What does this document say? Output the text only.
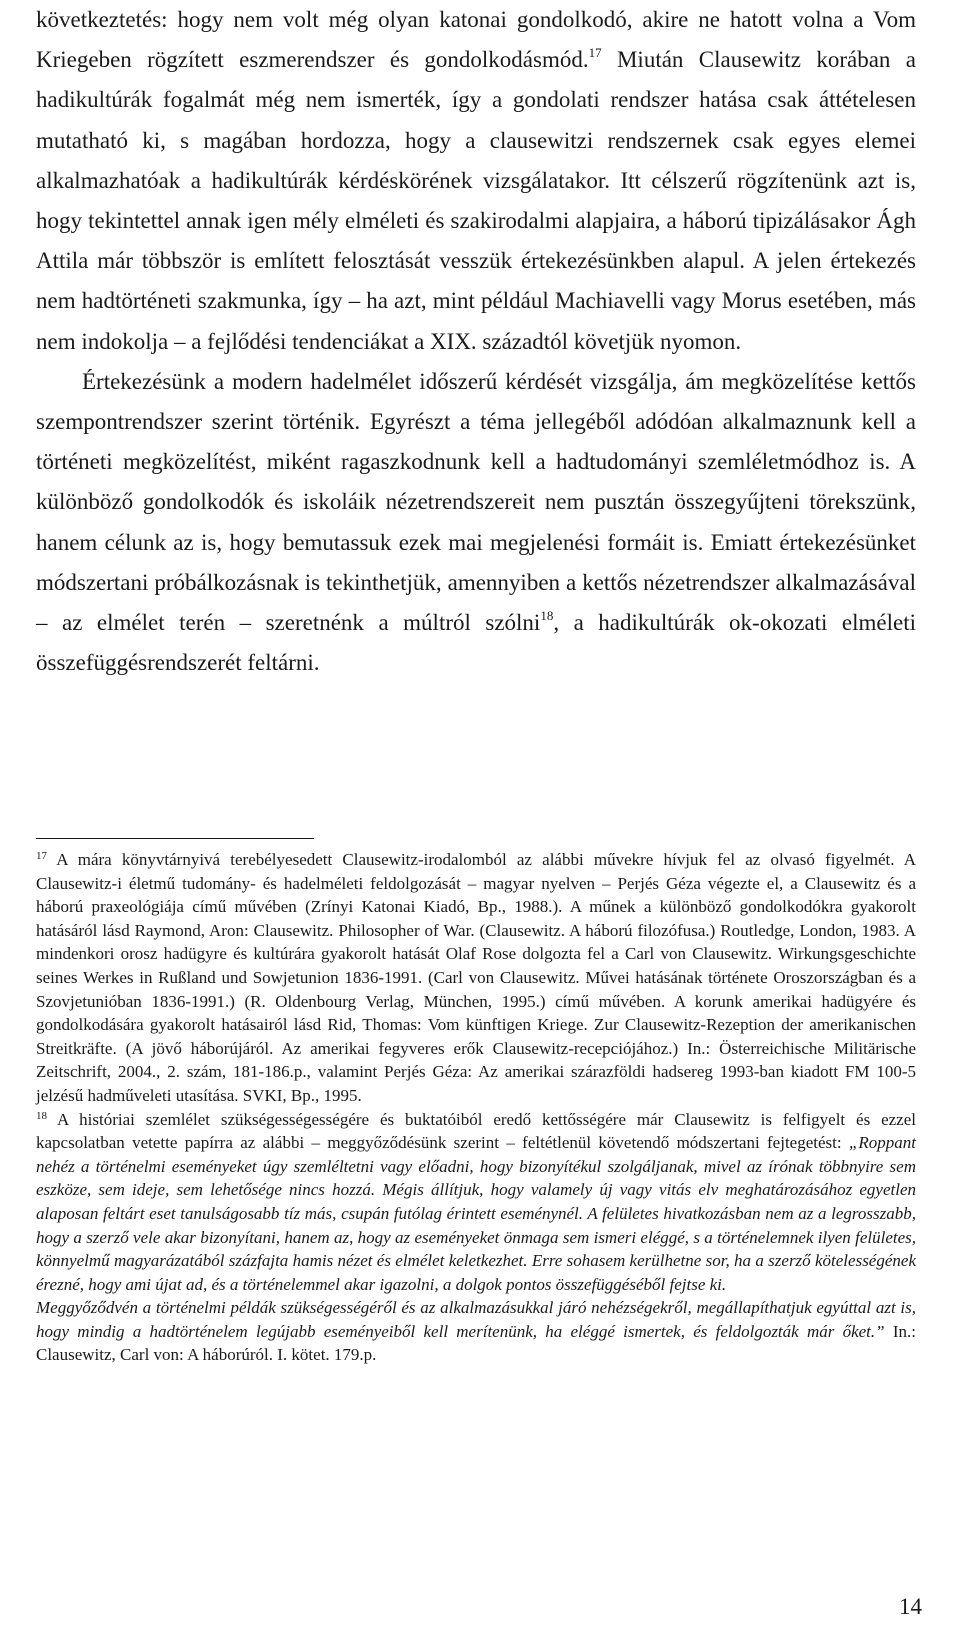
következtetés: hogy nem volt még olyan katonai gondolkodó, akire ne hatott volna a Vom Kriegeben rögzített eszmerendszer és gondolkodásmód.$^{17}$ Miután Clausewitz korában a hadikultúrák fogalmát még nem ismerték, így a gondolati rendszer hatása csak áttételesen mutatható ki, s magában hordozza, hogy a clausewitzi rendszernek csak egyes elemei alkalmazhatóak a hadikultúrák kérdéskörének vizsgálatakor. Itt célszerű rögzítenünk azt is, hogy tekintettel annak igen mély elméleti és szakirodalmi alapjaira, a háború tipizálásakor Ágh Attila már többször is említett felosztását vesszük értekezésünkben alapul. A jelen értekezés nem hadtörténeti szakmunka, így – ha azt, mint például Machiavelli vagy Morus esetében, más nem indokolja – a fejlődési tendenciákat a XIX. századtól követjük nyomon.

Értekezésünk a modern hadelmélet időszerű kérdését vizsgálja, ám megközelítése kettős szempontrendszer szerint történik. Egyrészt a téma jellegéből adódóan alkalmaznunk kell a történeti megközelítést, miként ragaszkodnunk kell a hadtudományi szemléletmódhoz is. A különböző gondolkodók és iskoláik nézetrendszereit nem pusztán összegyűjteni törekszünk, hanem célunk az is, hogy bemutassuk ezek mai megjelenési formáit is. Emiatt értekezésünket módszertani próbálkozásnak is tekinthetjük, amennyiben a kettős nézetrendszer alkalmazásával – az elmélet terén – szeretnénk a múltról szólni$^{18}$, a hadikultúrák ok-okozati elméleti összefüggésrendszerét feltárni.

$^{17}$ A mára könyvtárnyivá terebélyesedett Clausewitz-irodalomból az alábbi művekre hívjuk fel az olvasó figyelmét. A Clausewitz-i életmű tudomány- és hadelméleti feldolgozását – magyar nyelven – Perjés Géza végezte el, a Clausewitz és a háború praxeológiája című művében (Zrínyi Katonai Kiadó, Bp., 1988.). A műnek a különböző gondolkodókra gyakorolt hatásáról lásd Raymond, Aron: Clausewitz. Philosopher of War. (Clausewitz. A háború filozófusa.) Routledge, London, 1983. A mindenkori orosz hadügyre és kultúrára gyakorolt hatását Olaf Rose dolgozta fel a Carl von Clausewitz. Wirkungsgeschichte seines Werkes in Rußland und Sowjetunion 1836-1991. (Carl von Clausewitz. Művei hatásának története Oroszországban és a Szovjetunióban 1836-1991.) (R. Oldenbourg Verlag, München, 1995.) című művében. A korunk amerikai hadügyére és gondolkodására gyakorolt hatásairól lásd Rid, Thomas: Vom künftigen Kriege. Zur Clausewitz-Rezeption der amerikanischen Streitkräfte. (A jövő háborújáról. Az amerikai fegyveres erők Clausewitz-recepciójához.) In.: Österreichische Militärische Zeitschrift, 2004., 2. szám, 181-186.p., valamint Perjés Géza: Az amerikai szárazföldi hadsereg 1993-ban kiadott FM 100-5 jelzésű hadműveleti utasítása. SVKI, Bp., 1995.

$^{18}$ A históriai szemlélet szükségességességére és buktatóiból eredő kettősségére már Clausewitz is felfigyelt és ezzel kapcsolatban vetette papírra az alábbi – meggyőződésünk szerint – feltétlenül követendő módszertani fejtegetést: „Roppant nehéz a történelmi eseményeket úgy szemléltetni vagy előadni, hogy bizonyítékul szolgáljanak, mivel az írónak többnyire sem eszköze, sem ideje, sem lehetősége nincs hozzá. Mégis állítjuk, hogy valamely új vagy vitás elv meghatározásához egyetlen alaposan feltárt eset tanulságosabb tíz más, csupán futólag érintett eseménynél. A felületes hivatkozásban nem az a legrosszabb, hogy a szerző vele akar bizonyítani, hanem az, hogy az eseményeket önmaga sem ismeri eléggé, s a történelemnek ilyen felületes, könnyelmű magyarázatából százfajta hamis nézet és elmélet keletkezhet. Erre sohasem kerülhetne sor, ha a szerző kötelességének érezné, hogy ami újat ad, és a történelemmel akar igazolni, a dolgok pontos összefüggéséből fejtse ki.

Meggyőződvén a történelmi példák szükségességéről és az alkalmazásukkal járó nehézségekről, megállapíthatjuk egyúttal azt is, hogy mindig a hadtörténelem legújabb eseményeiből kell merítenünk, ha eléggé ismertek, és feldolgozták már őket.” In.: Clausewitz, Carl von: A háborúról. I. kötet. 179.p.

14
